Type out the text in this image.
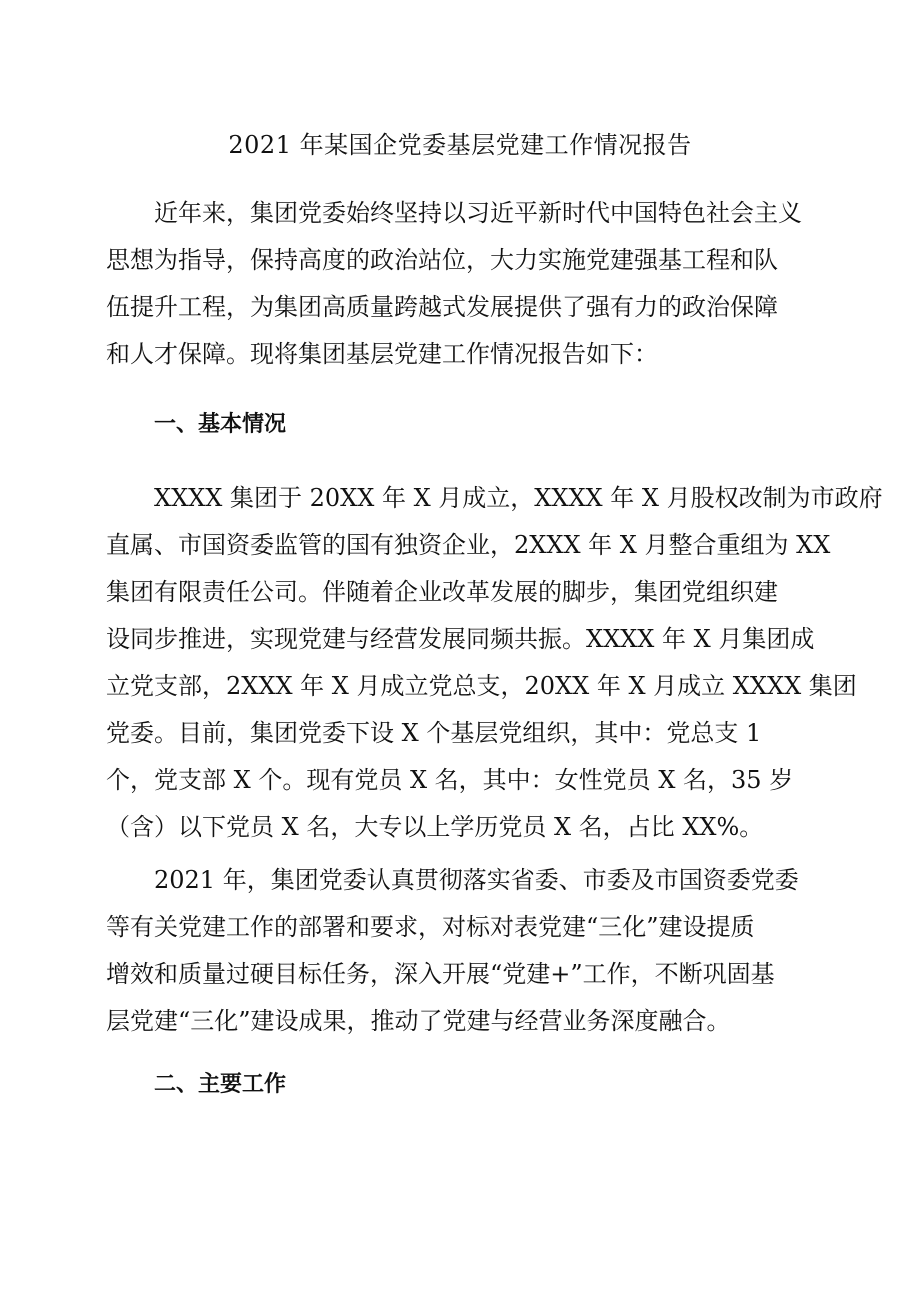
2021 年某国企党委基层党建工作情况报告
近年来，集团党委始终坚持以习近平新时代中国特色社会主义
思想为指导，保持高度的政治站位，大力实施党建强基工程和队
伍提升工程，为集团高质量跨越式发展提供了强有力的政治保障
和人才保障。现将集团基层党建工作情况报告如下：
一、基本情况
XXXX 集团于 20XX 年 X 月成立，XXXX 年 X 月股权改制为市政府
直属、市国资委监管的国有独资企业，2XXX 年 X 月整合重组为 XX
集团有限责任公司。伴随着企业改革发展的脚步，集团党组织建
设同步推进，实现党建与经营发展同频共振。XXXX 年 X 月集团成
立党支部，2XXX 年 X 月成立党总支，20XX 年 X 月成立 XXXX 集团
党委。目前，集团党委下设 X 个基层党组织，其中：党总支 1
个，党支部 X 个。现有党员 X 名，其中：女性党员 X 名，35 岁
（含）以下党员 X 名，大专以上学历党员 X 名，占比 XX%。
2021 年，集团党委认真贯彻落实省委、市委及市国资委党委
等有关党建工作的部署和要求，对标对表党建“三化”建设提质
增效和质量过硬目标任务，深入开展“党建+”工作，不断巩固基
层党建“三化”建设成果，推动了党建与经营业务深度融合。
二、主要工作
